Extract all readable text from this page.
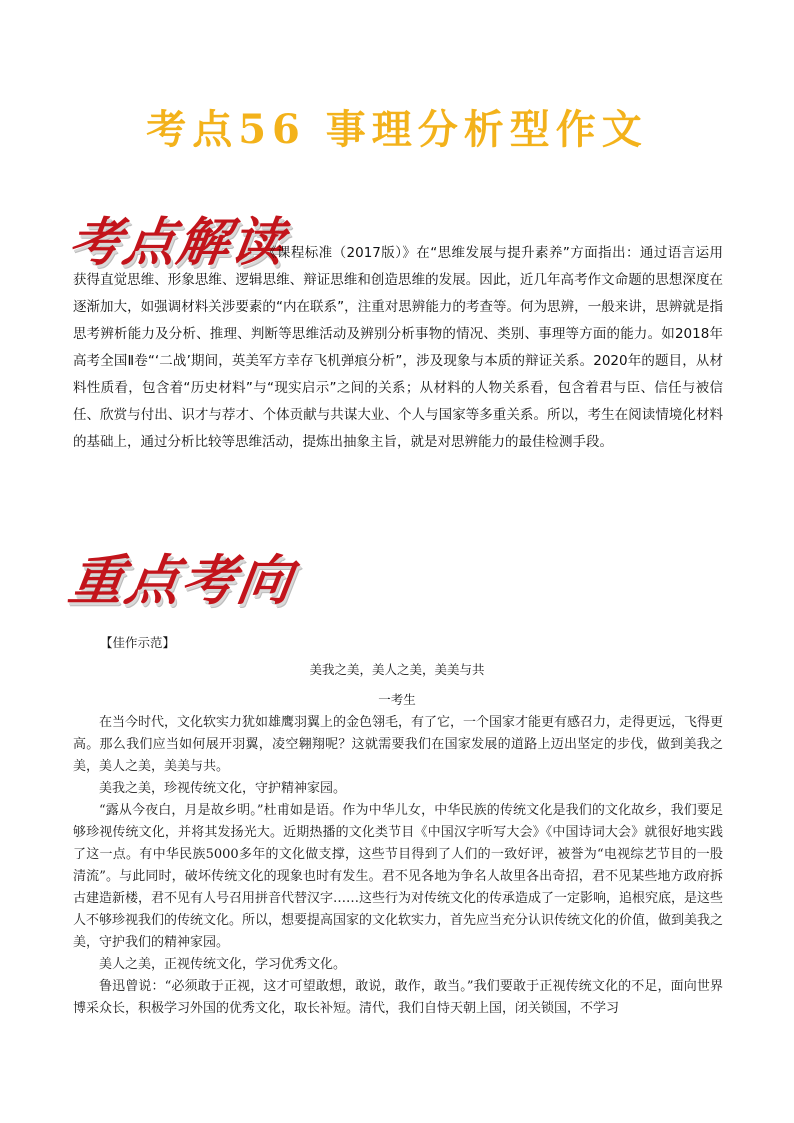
考点56 事理分析型作文
考点解读

《课程标准（2017版）》在“思维发展与提升素养”方面指出：通过语言运用获得直觉思维、形象思维、逻辑思维、辩证思维和创造思维的发展。因此，近几年高考作文命题的思想深度在逐渐加大，如强调材料关涉要素的“内在联系”，注重对思辨能力的考查等。何为思辨，一般来讲，思辨就是指思考辨析能力及分析、推理、判断等思维活动及辨别分析事物的情况、类别、事理等方面的能力。如2018年高考全国Ⅱ卷“‘二战’期间，英美军方幸存飞机弹痕分析”，涉及现象与本质的辩证关系。2020年的题目，从材料性质看，包含着“历史材料”与“现实启示”之间的关系；从材料的人物关系看，包含着君与臣、信任与被信任、欣赏与付出、识才与荐才、个体贡献与共谋大业、个人与国家等多重关系。所以，考生在阅读情境化材料的基础上，通过分析比较等思维活动，提炼出抽象主旨，就是对思辨能力的最佳检测手段。

重点考向
【佳作示范】
美我之美，美人之美，美美与共
一考生

在当今时代，文化软实力犹如雄鹰羽翼上的金色翎毛，有了它，一个国家才能更有感召力，走得更远，飞得更高。那么我们应当如何展开羽翼，凌空翱翔呢？这就需要我们在国家发展的道路上迈出坚定的步伐，做到美我之美，美人之美，美美与共。

美我之美，珍视传统文化，守护精神家园。

“露从今夜白，月是故乡明。”杜甫如是语。作为中华儿女，中华民族的传统文化是我们的文化故乡，我们要足够珍视传统文化，并将其发扬光大。近期热播的文化类节目《中国汉字听写大会》《中国诗词大会》就很好地实践了这一点。有中华民族5000多年的文化做支撑，这些节目得到了人们的一致好评，被誉为“电视综艺节目的一股清流”。与此同时，破坏传统文化的现象也时有发生。君不见各地为争名人故里各出奇招，君不见某些地方政府拆古建造新楼，君不见有人号召用拼音代替汉字……这些行为对传统文化的传承造成了一定影响，追根究底，是这些人不够珍视我们的传统文化。所以，想要提高国家的文化软实力，首先应当充分认识传统文化的价值，做到美我之美，守护我们的精神家园。

美人之美，正视传统文化，学习优秀文化。

鲁迅曾说：“必须敢于正视，这才可望敢想，敢说，敢作，敢当。”我们要敢于正视传统文化的不足，面向世界博采众长，积极学习外国的优秀文化，取长补短。清代，我们自恃天朝上国，闭关锁国，不学习
